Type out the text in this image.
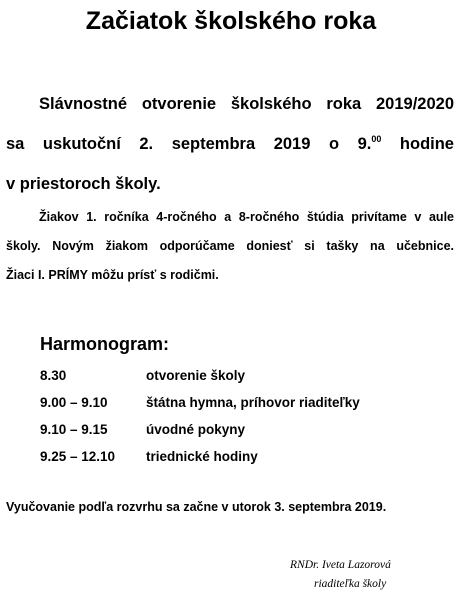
Začiatok školského roka
Slávnostné otvorenie školského roka 2019/2020
sa uskutoční 2. septembra 2019 o 9.00 hodine
v priestoroch školy.
Žiakov 1. ročníka 4-ročného a 8-ročného štúdia privítame v aule
školy. Novým žiakom odporúčame doniesť si tašky na učebnice.
Žiaci I. PRÍMY môžu prísť s rodičmi.
Harmonogram:
8.30	otvorenie školy
9.00 – 9.10	štátna hymna, príhovor riaditeľky
9.10 – 9.15	úvodné pokyny
9.25 – 12.10	triednické hodiny
Vyučovanie podľa rozvrhu sa začne v utorok 3. septembra 2019.
RNDr. Iveta Lazorová
riaditeľka školy
